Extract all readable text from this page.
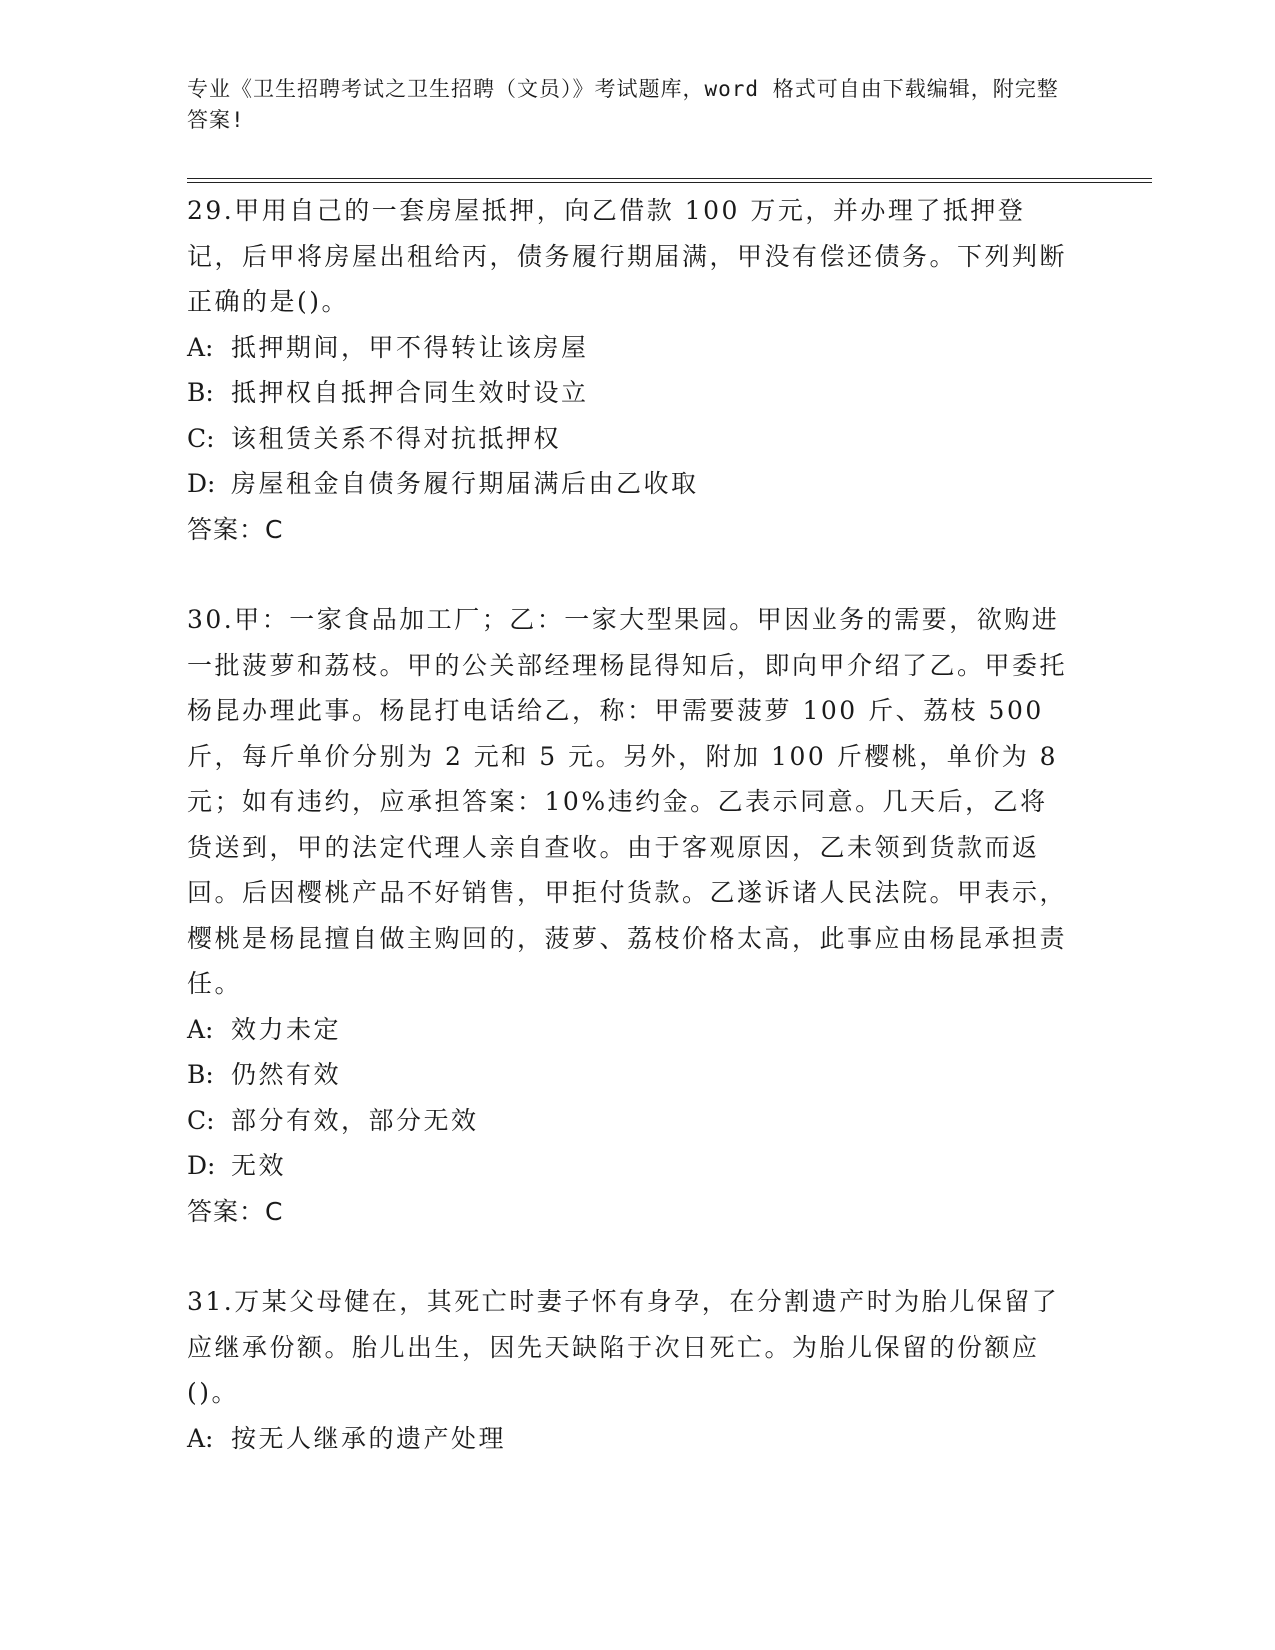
专业《卫生招聘考试之卫生招聘（文员）》考试题库，word 格式可自由下载编辑，附完整答案!

29.甲用自己的一套房屋抵押，向乙借款 100 万元，并办理了抵押登记，后甲将房屋出租给丙，债务履行期届满，甲没有偿还债务。下列判断正确的是()。

A: 抵押期间，甲不得转让该房屋
B: 抵押权自抵押合同生效时设立
C: 该租赁关系不得对抗抵押权
D: 房屋租金自债务履行期届满后由乙收取

答案：C

30.甲：一家食品加工厂；乙：一家大型果园。甲因业务的需要，欲购进一批菠萝和荔枝。甲的公关部经理杨昆得知后，即向甲介绍了乙。甲委托杨昆办理此事。杨昆打电话给乙，称：甲需要菠萝 100 斤、荔枝 500 斤，每斤单价分别为 2 元和 5 元。另外，附加 100 斤樱桃，单价为 8 元；如有违约，应承担答案：10%违约金。乙表示同意。几天后，乙将货送到，甲的法定代理人亲自查收。由于客观原因，乙未领到货款而返回。后因樱桃产品不好销售，甲拒付货款。乙遂诉诸人民法院。甲表示，樱桃是杨昆擅自做主购回的，菠萝、荔枝价格太高，此事应由杨昆承担责任。

A: 效力未定
B: 仍然有效
C: 部分有效，部分无效
D: 无效

答案：C

31.万某父母健在，其死亡时妻子怀有身孕，在分割遗产时为胎儿保留了应继承份额。胎儿出生，因先天缺陷于次日死亡。为胎儿保留的份额应()。

A: 按无人继承的遗产处理
